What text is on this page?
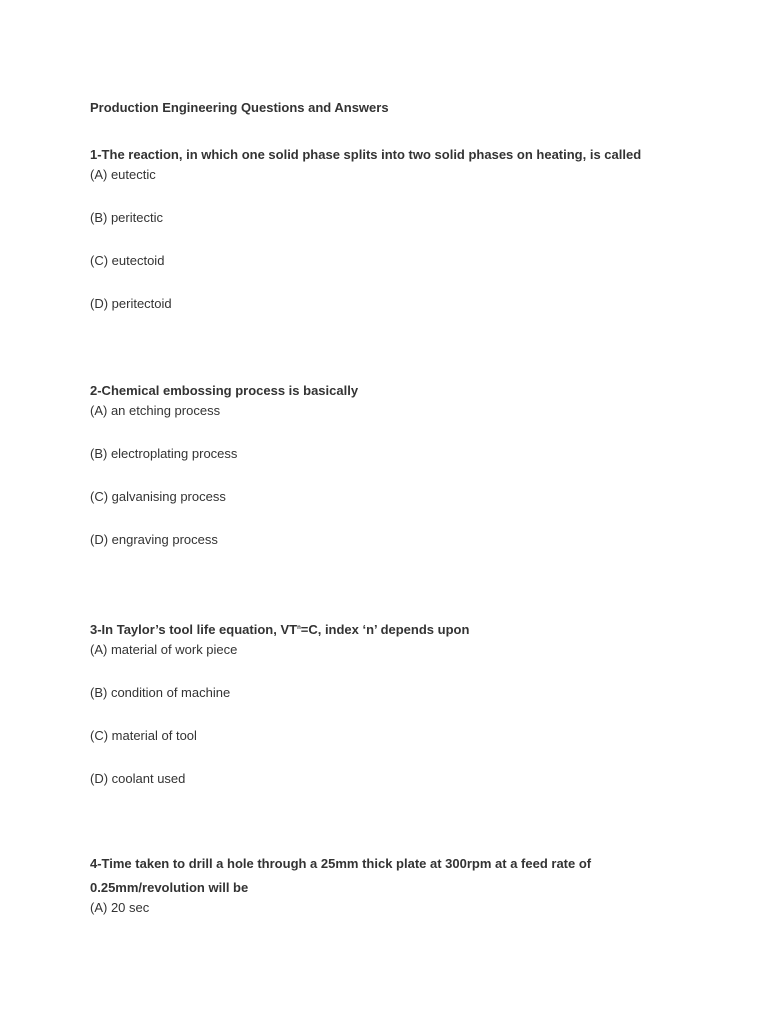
Production Engineering Questions and Answers

1-The reaction, in which one solid phase splits into two solid phases on heating, is called

(A) eutectic
(B) peritectic
(C) eutectoid
(D) peritectoid

2-Chemical embossing process is basically

(A) an etching process
(B) electroplating process
(C) galvanising process
(D) engraving process

3-In Taylor’s tool life equation, $VT^n=C$, index ‘n’ depends upon

(A) material of work piece
(B) condition of machine
(C) material of tool
(D) coolant used

4-Time taken to drill a hole through a 25mm thick plate at 300rpm at a feed rate of 0.25mm/revolution will be

(A) 20 sec
